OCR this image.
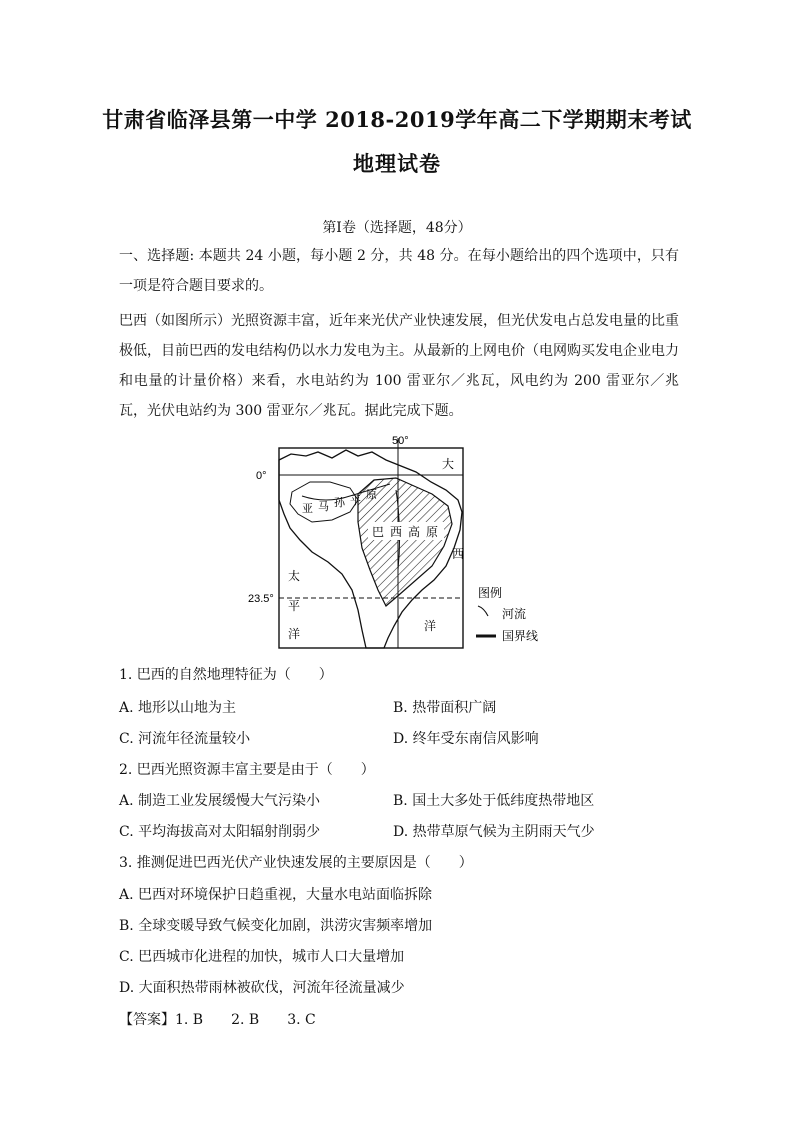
甘肃省临泽县第一中学 2018-2019学年高二下学期期末考试
地理试卷
第Ⅰ卷（选择题，48分）
一、选择题: 本题共 24 小题，每小题 2 分，共 48 分。在每小题给出的四个选项中，只有一项是符合题目要求的。
巴西（如图所示）光照资源丰富，近年来光伏产业快速发展，但光伏发电占总发电量的比重极低，目前巴西的发电结构仍以水力发电为主。从最新的上网电价（电网购买发电企业电力和电量的计量价格）来看，水电站约为 100 雷亚尔／兆瓦，风电约为 200 雷亚尔／兆瓦，光伏电站约为 300 雷亚尔／兆瓦。据此完成下题。
50°
0°
23.5°
大
西
洋
太
平
洋
亚 马 孙 平 原
巴 西 高 原
图例
河流
国界线
1. 巴西的自然地理特征为（　　）
A. 地形以山地为主	B. 热带面积广阔
C. 河流年径流量较小	D. 终年受东南信风影响
2. 巴西光照资源丰富主要是由于（　　）
A. 制造工业发展缓慢大气污染小	B. 国土大多处于低纬度热带地区
C. 平均海拔高对太阳辐射削弱少	D. 热带草原气候为主阴雨天气少
3. 推测促进巴西光伏产业快速发展的主要原因是（　　）
A. 巴西对环境保护日趋重视，大量水电站面临拆除
B. 全球变暖导致气候变化加剧，洪涝灾害频率增加
C. 巴西城市化进程的加快，城市人口大量增加
D. 大面积热带雨林被砍伐，河流年径流量减少
【答案】1. B　　2. B　　3. C
